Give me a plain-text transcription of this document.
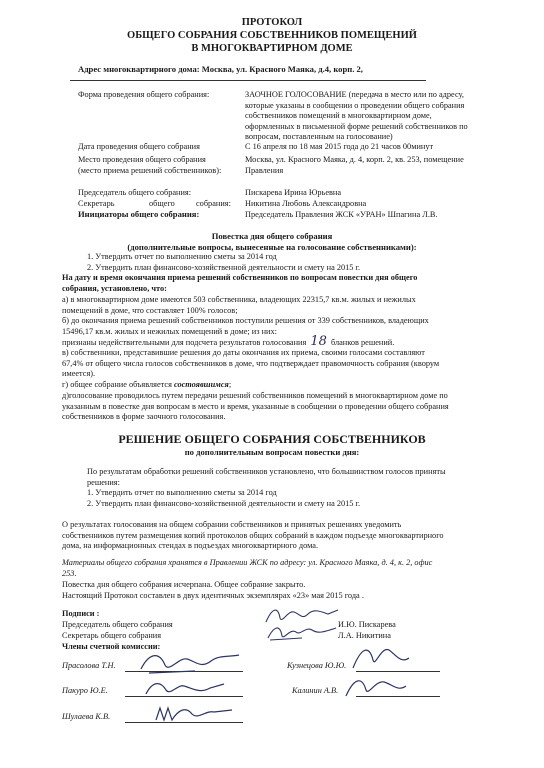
ПРОТОКОЛ
ОБЩЕГО СОБРАНИЯ СОБСТВЕННИКОВ ПОМЕЩЕНИЙ
В МНОГОКВАРТИРНОМ ДОМЕ
Адрес многоквартирного дома: Москва, ул. Красного Маяка, д.4, корп. 2,
Форма проведения общего собрания:	ЗАОЧНОЕ ГОЛОСОВАНИЕ (передача в место или по адресу,
которые указаны в сообщении о проведении общего собрания
собственников помещений в многоквартирном доме,
оформленных в письменной форме решений собственников по
вопросам, поставленным на голосование)
Дата проведения общего собрания	С 16 апреля по 18 мая 2015 года до 21 часов 00минут
Место проведения общего собрания
(место приема решений собственников):
Москва, ул. Красного Маяка, д. 4, корп. 2, кв. 253, помещение
Правления
Председатель общего собрания:	Пискарева Ирина Юрьевна
Секретарь	общего	собрания: Никитина Любовь Александровна
Инициаторы общего собрания:	Председатель Правления ЖСК «УРАН» Шпагина Л.В.
Повестка дня общего собрания
(дополнительные вопросы, вынесенные на голосование собственниками):
1. Утвердить отчет по выполнению сметы за 2014 год
2. Утвердить план финансово-хозяйственной деятельности и смету на 2015 г.
На дату и время окончания приема решений собственников по вопросам повестки дня общего
собрания, установлено, что:
а) в многоквартирном доме имеются 503 собственника, владеющих 22315,7 кв.м. жилых и нежилых
помещений в доме, что составляет 100% голосов;
б) до окончания приема решений собственников поступили решения от 339 собственников, владеющих
15496,17 кв.м. жилых и нежилых помещений в доме; из них:
признаны недействительными для подсчета результатов голосования 18 бланков решений.
в) собственники, представившие решения до даты окончания их приема, своими голосами составляют
67,4% от общего числа голосов собственников в доме, что подтверждает правомочность собрания (кворум
имеется).
г) общее собрание объявляется состоявшимся;
д)голосование проводилось путем передачи решений собственников помещений в многоквартирном доме по
указанным в повестке дня вопросам в место и время, указанные в сообщении о проведении общего собрания
собственников в форме заочного голосования.
РЕШЕНИЕ ОБЩЕГО СОБРАНИЯ СОБСТВЕННИКОВ
по дополнительным вопросам повестки дня:
По результатам обработки решений собственников установлено, что большинством голосов приняты
решения:
1. Утвердить отчет по выполнению сметы за 2014 год
2. Утвердить план финансово-хозяйственной деятельности и смету на 2015 г.
О результатах голосования на общем собрании собственников и принятых решениях уведомить
собственников путем размещения копий протоколов общих собраний в каждом подъезде многоквартирного
дома, на информационных стендах в подъездах многоквартирного дома.
Материалы общего собрания хранятся в Правлении ЖСК по адресу: ул. Красного Маяка, д. 4, к. 2, офис
253.
Повестка дня общего собрания исчерпана. Общее собрание закрыто.
Настоящий Протокол составлен в двух идентичных экземплярах «23» мая 2015 года .
Подписи :
Председатель общего собрания	И.Ю. Пискарева
Секретарь общего собрания	Л.А. Никитина
Члены счетной комиссии:
Прасолова Т.Н.	Кузнецова Ю.Ю.
Пакуро Ю.Е.	Калинин А.В.
Шулаева К.В.
